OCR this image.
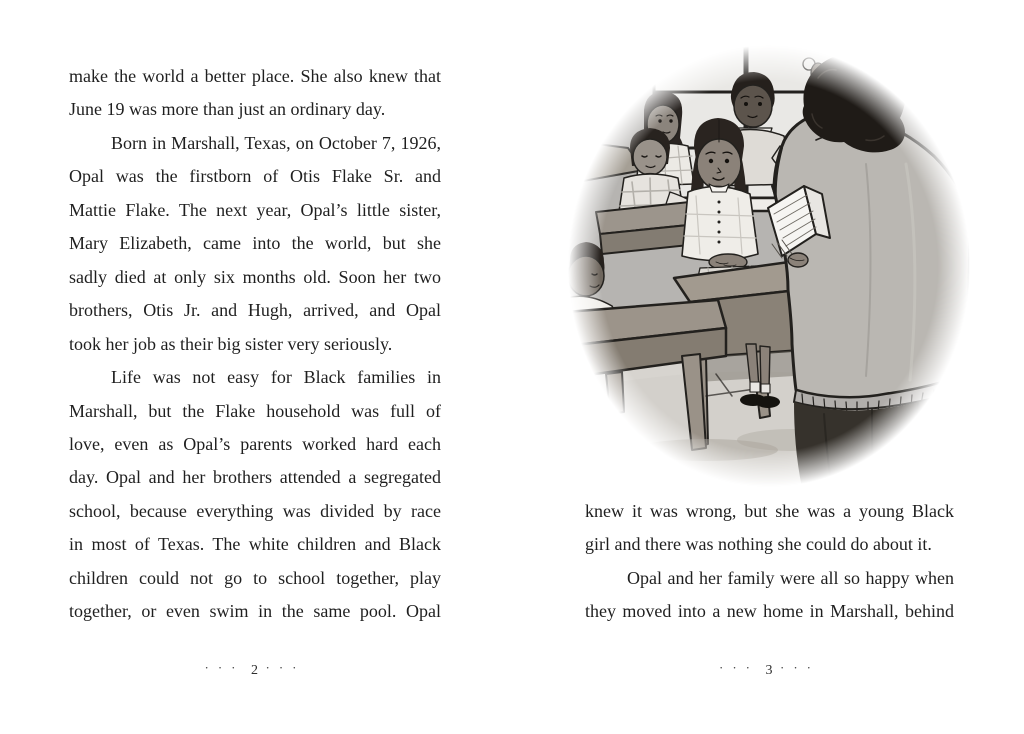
make the world a better place. She also knew that
June 19 was more than just an ordinary day.
Born in Marshall, Texas, on October 7, 1926,
Opal was the firstborn of Otis Flake Sr. and
Mattie Flake. The next year, Opal’s little sister,
Mary Elizabeth, came into the world, but she
sadly died at only six months old. Soon her two
brothers, Otis Jr. and Hugh, arrived, and Opal
took her job as their big sister very seriously.
Life was not easy for Black families in
Marshall, but the Flake household was full of
love, even as Opal’s parents worked hard each
day. Opal and her brothers attended a segregated
school, because everything was divided by race
in most of Texas. The white children and Black
children could not go to school together, play
together, or even swim in the same pool. Opal
··· 2 ···
knew it was wrong, but she was a young Black
girl and there was nothing she could do about it.
Opal and her family were all so happy when
they moved into a new home in Marshall, behind
··· 3 ···
